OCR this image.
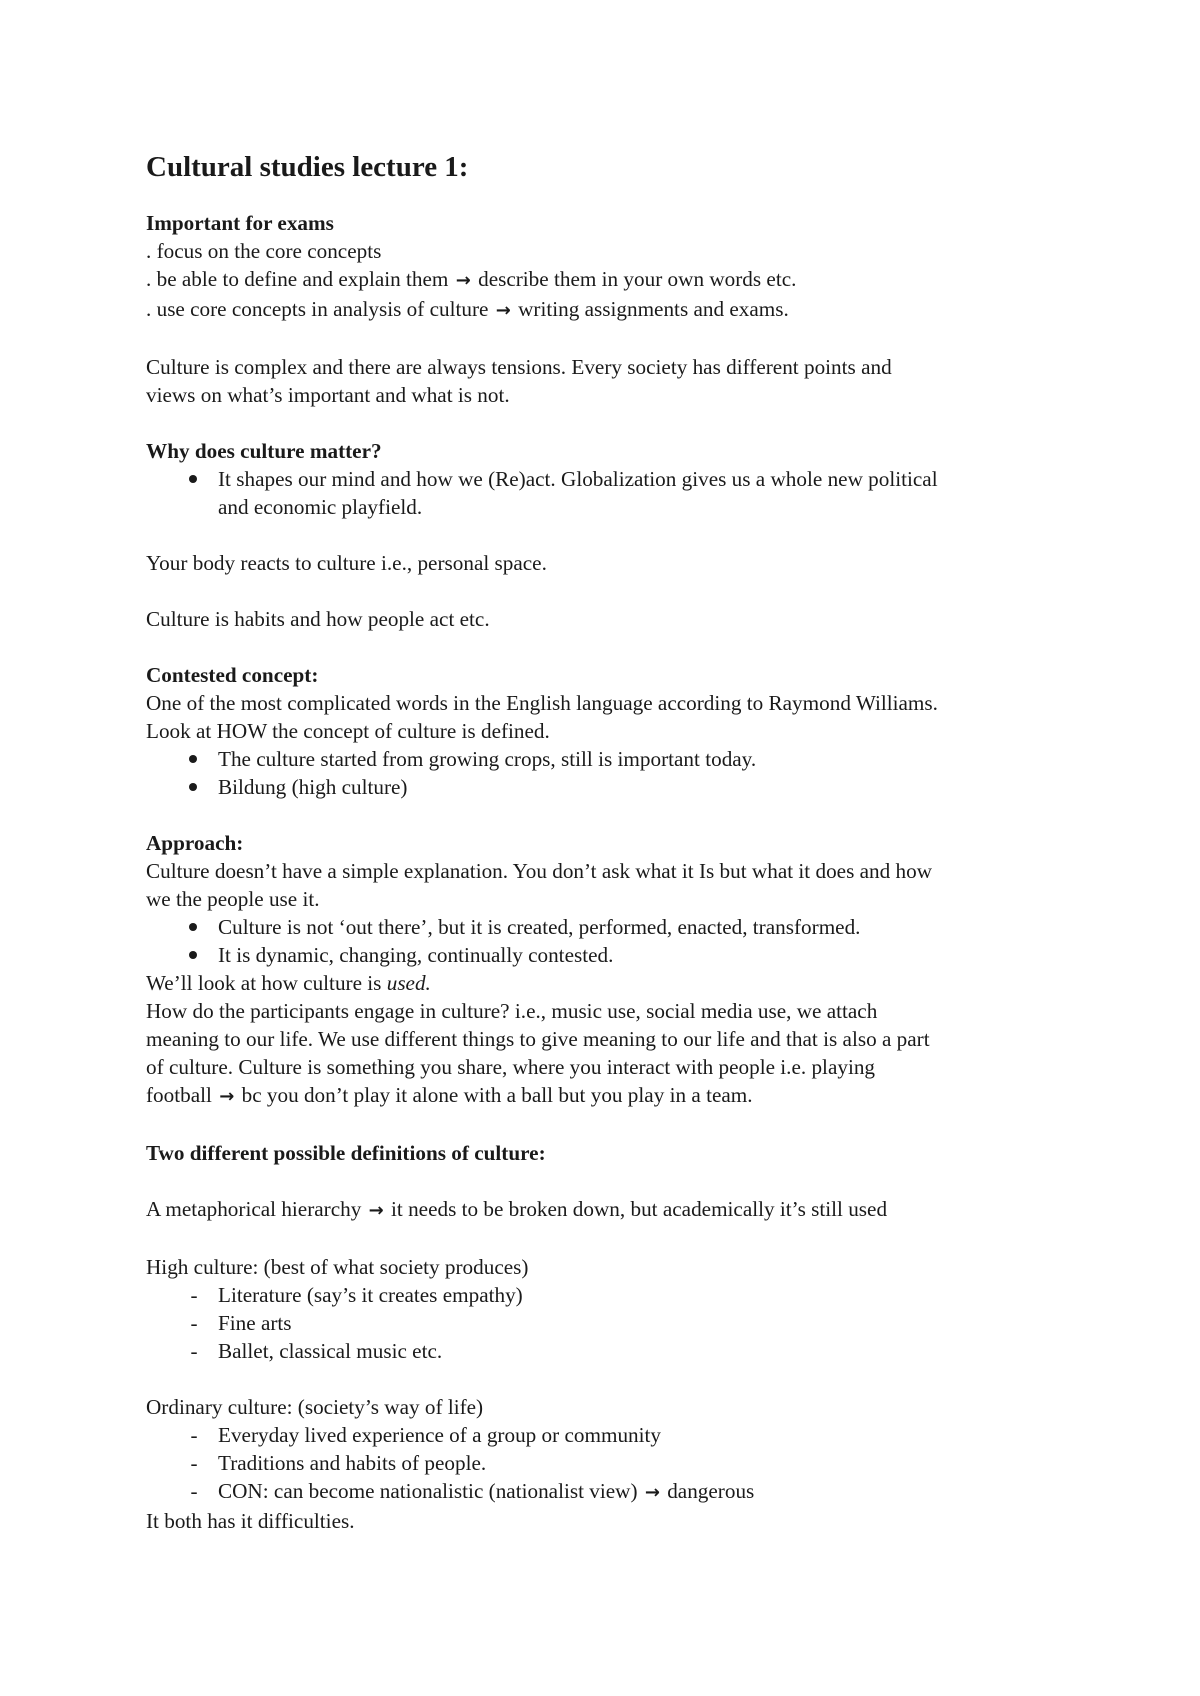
Cultural studies lecture 1:
Important for exams
. focus on the core concepts
. be able to define and explain them → describe them in your own words etc.
. use core concepts in analysis of culture → writing assignments and exams.
Culture is complex and there are always tensions. Every society has different points and
views on what’s important and what is not.
Why does culture matter?
It shapes our mind and how we (Re)act. Globalization gives us a whole new political
and economic playfield.
Your body reacts to culture i.e., personal space.
Culture is habits and how people act etc.
Contested concept:
One of the most complicated words in the English language according to Raymond Williams.
Look at HOW the concept of culture is defined.
The culture started from growing crops, still is important today.
Bildung (high culture)
Approach:
Culture doesn’t have a simple explanation. You don’t ask what it Is but what it does and how
we the people use it.
Culture is not ‘out there’, but it is created, performed, enacted, transformed.
It is dynamic, changing, continually contested.
We’ll look at how culture is used.
How do the participants engage in culture? i.e., music use, social media use, we attach
meaning to our life. We use different things to give meaning to our life and that is also a part
of culture. Culture is something you share, where you interact with people i.e. playing
football → bc you don’t play it alone with a ball but you play in a team.
Two different possible definitions of culture:
A metaphorical hierarchy → it needs to be broken down, but academically it’s still used
High culture: (best of what society produces)
- Literature (say’s it creates empathy)
- Fine arts
- Ballet, classical music etc.
Ordinary culture: (society’s way of life)
- Everyday lived experience of a group or community
- Traditions and habits of people.
- CON: can become nationalistic (nationalist view) → dangerous
It both has it difficulties.
